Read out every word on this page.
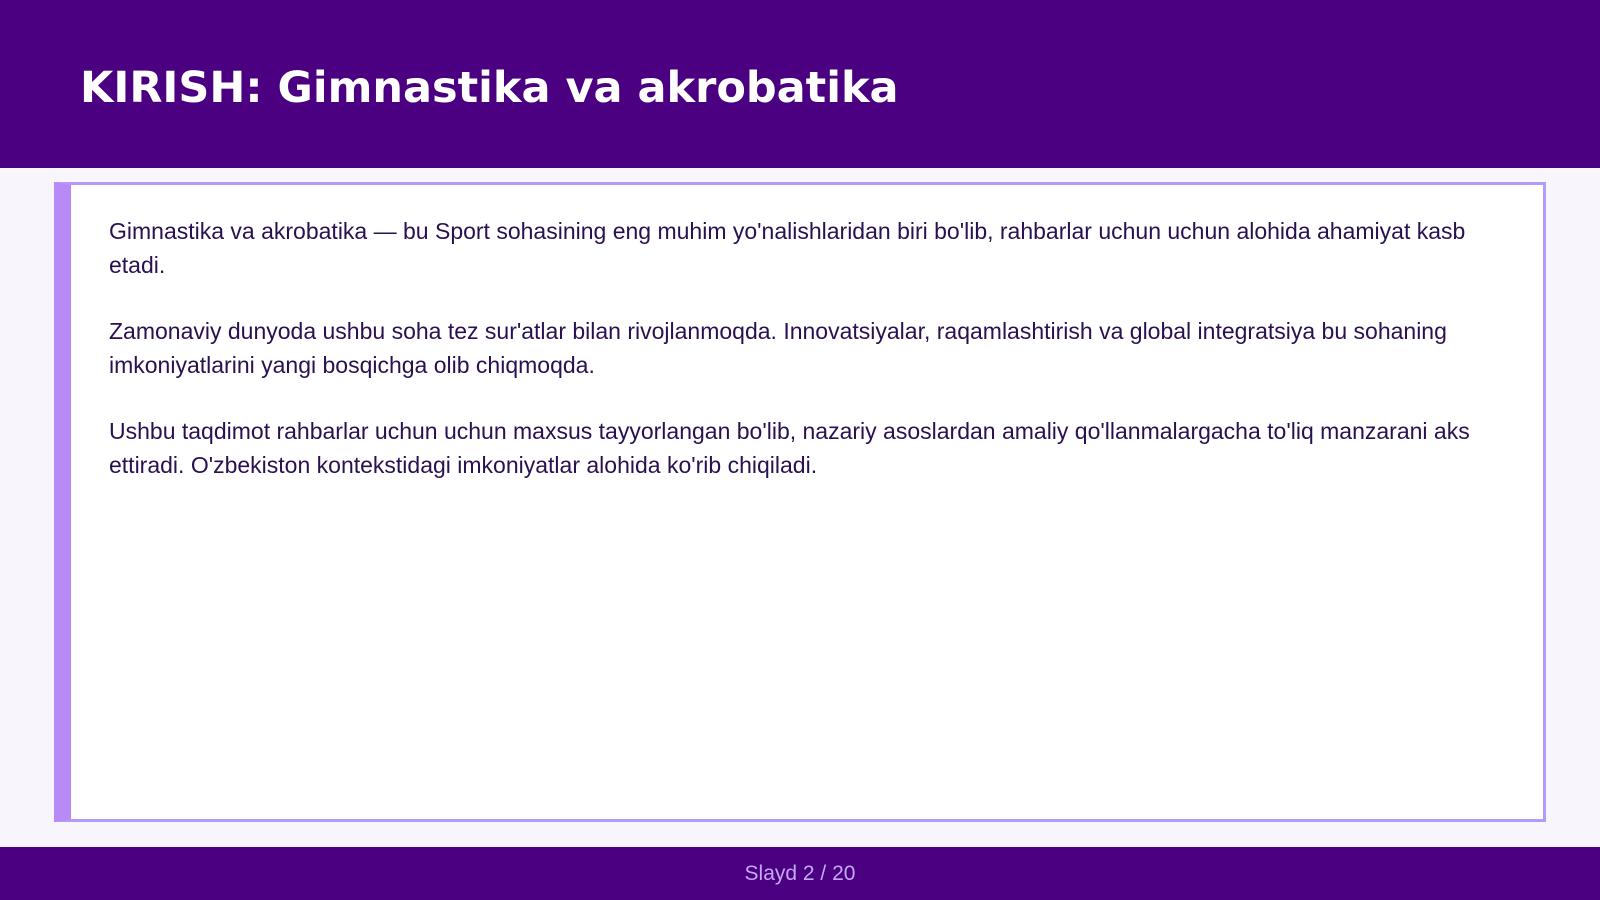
KIRISH: Gimnastika va akrobatika

Gimnastika va akrobatika — bu Sport sohasining eng muhim yo'nalishlaridan biri bo'lib, rahbarlar uchun uchun alohida ahamiyat kasb etadi.

Zamonaviy dunyoda ushbu soha tez sur'atlar bilan rivojlanmoqda. Innovatsiyalar, raqamlashtirish va global integratsiya bu sohaning imkoniyatlarini yangi bosqichga olib chiqmoqda.

Ushbu taqdimot rahbarlar uchun uchun maxsus tayyorlangan bo'lib, nazariy asoslardan amaliy qo'llanmalargacha to'liq manzarani aks ettiradi. O'zbekiston kontekstidagi imkoniyatlar alohida ko'rib chiqiladi.

Slayd 2 / 20
